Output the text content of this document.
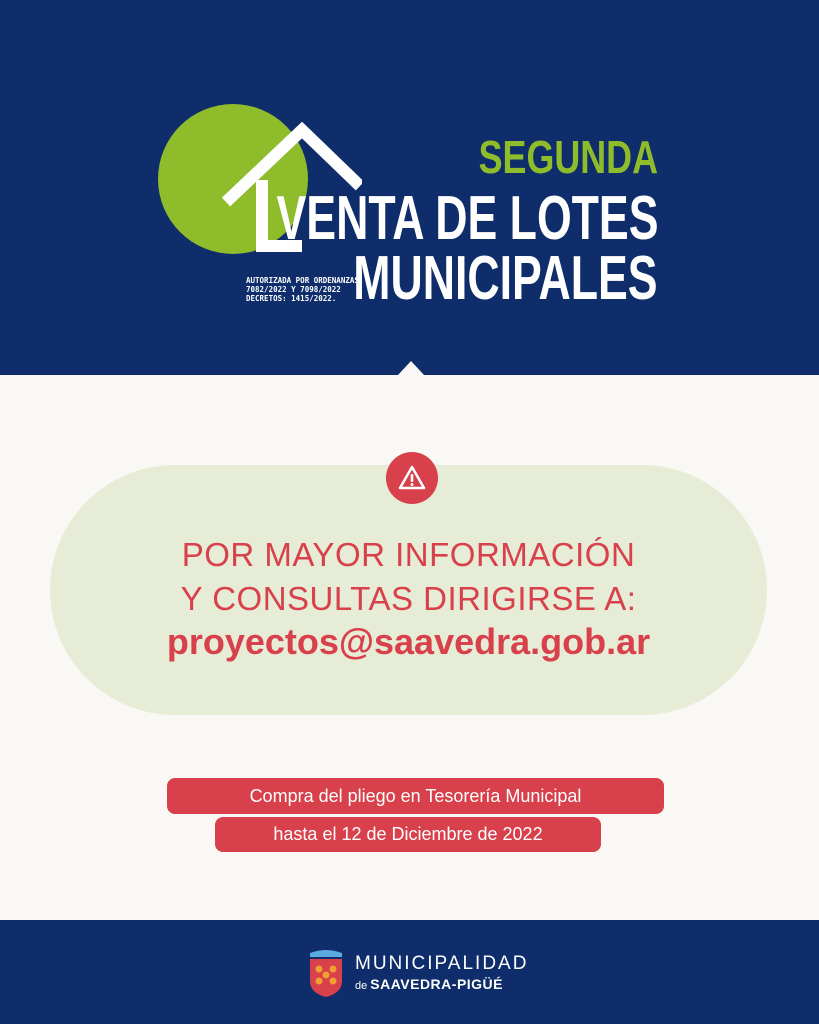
SEGUNDA
VENTA DE LOTES
MUNICIPALES
AUTORIZADA POR ORDENANZAS:
7082/2022 Y 7098/2022
DECRETOS: 1415/2022.
POR MAYOR INFORMACIÓN
Y CONSULTAS DIRIGIRSE A:
proyectos@saavedra.gob.ar
Compra del pliego en Tesorería Municipal
hasta el 12 de Diciembre de 2022
MUNICIPALIDAD
de SAAVEDRA-PIGÜÉ
